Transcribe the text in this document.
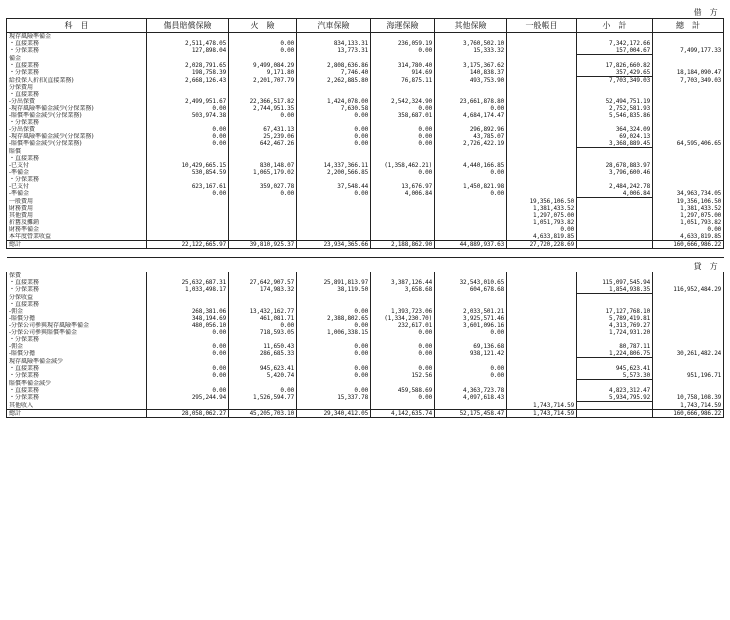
借　方								
科　目	傷員賠償保險	火　險	汽車保險	海運保險	其他保險	一般帳目	小　計	總　計
現存風險準備金								
・直接業務	2,511,478.05	0.00	834,133.31	236,059.19	3,760,502.10		7,342,172.66	
・分保業務	127,898.04	0.00	13,773.31	0.00	15,333.32		157,004.67	7,499,177.33
備金								
・直接業務	2,028,791.65	9,499,084.29	2,808,636.86	314,780.40	3,175,367.62		17,826,660.82	
・分保業務	198,758.39	9,171.80	7,746.40	914.69	140,838.37		357,429.65	18,184,090.47
給投保人折扣(直接業務)	2,668,126.43	2,201,707.79	2,262,885.80	76,875.11	493,753.90		7,703,349.03	7,703,349.03
分保費用								
・直接業務								
-分出保費	2,499,951.67	22,366,517.82	1,424,078.00	2,542,324.90	23,661,878.80		52,494,751.19	
-現存風險準備金減少(分保業務)	0.00	2,744,951.35	7,630.58	0.00	0.00		2,752,581.93	
-賠償準備金減少(分保業務)	503,974.38	0.00	0.00	358,687.01	4,684,174.47		5,546,835.86	
・分保業務								
-分出保費	0.00	67,431.13	0.00	0.00	296,892.96		364,324.09	
-現存風險準備金減少(分保業務)	0.00	25,239.06	0.00	0.00	43,785.07		69,024.13	
-賠償準備金減少(分保業務)	0.00	642,467.26	0.00	0.00	2,726,422.19		3,368,889.45	64,595,406.65
賠償								
・直接業務								
-已支付	10,429,665.15	830,148.07	14,337,366.11	(1,358,462.21)	4,440,166.85		28,678,883.97	
-準備金	530,854.59	1,065,179.02	2,200,566.85	0.00	0.00		3,796,600.46	
・分保業務								
-已支付	623,167.61	359,027.78	37,548.44	13,676.97	1,450,821.98		2,484,242.78	
-準備金	0.00	0.00	0.00	4,006.84	0.00		4,006.84	34,963,734.05
一般費用						19,356,106.50		19,356,106.50
財務費用						1,381,433.52		1,381,433.52
其他費用						1,297,075.00		1,297,075.00
折舊及攤銷						1,051,793.82		1,051,793.82
財務準備金						0.00		0.00
本年度營業收益						4,633,819.85		4,633,819.85
總計	22,122,665.97	39,810,925.37	23,934,365.66	2,188,862.90	44,889,937.63	27,720,228.69		160,666,986.22

貸　方								
保費								
・直接業務	25,632,687.31	27,642,907.57	25,891,813.97	3,387,126.44	32,543,010.65		115,097,545.94	
・分保業務	1,033,498.17	174,983.32	38,119.50	3,658.68	604,678.68		1,854,938.35	116,952,484.29
分保收益								
・直接業務								
-佣金	268,381.06	13,432,162.77	0.00	1,393,723.06	2,033,501.21		17,127,768.10	
-賠償分擔	348,194.69	461,081.71	2,388,802.65	(1,334,230.70)	3,925,571.46		5,789,419.81	
-分保公司參與現存風險準備金	480,056.10	0.00	0.00	232,617.01	3,601,096.16		4,313,769.27	
-分保公司參與賠償準備金	0.00	718,593.05	1,006,338.15	0.00	0.00		1,724,931.20	
・分保業務								
-佣金	0.00	11,650.43	0.00	0.00	69,136.68		80,787.11	
-賠償分擔	0.00	286,685.33	0.00	0.00	938,121.42		1,224,806.75	30,261,482.24
現存風險準備金減少								
・直接業務	0.00	945,623.41	0.00	0.00	0.00		945,623.41	
・分保業務	0.00	5,420.74	0.00	152.56	0.00		5,573.30	951,196.71
賠償準備金減少								
・直接業務	0.00	0.00	0.00	459,588.69	4,363,723.78		4,823,312.47	
・分保業務	295,244.94	1,526,594.77	15,337.78	0.00	4,097,618.43		5,934,795.92	10,758,108.39
其他收入						1,743,714.59		1,743,714.59
總計	28,058,062.27	45,205,703.10	29,340,412.05	4,142,635.74	52,175,458.47	1,743,714.59		160,666,986.22
